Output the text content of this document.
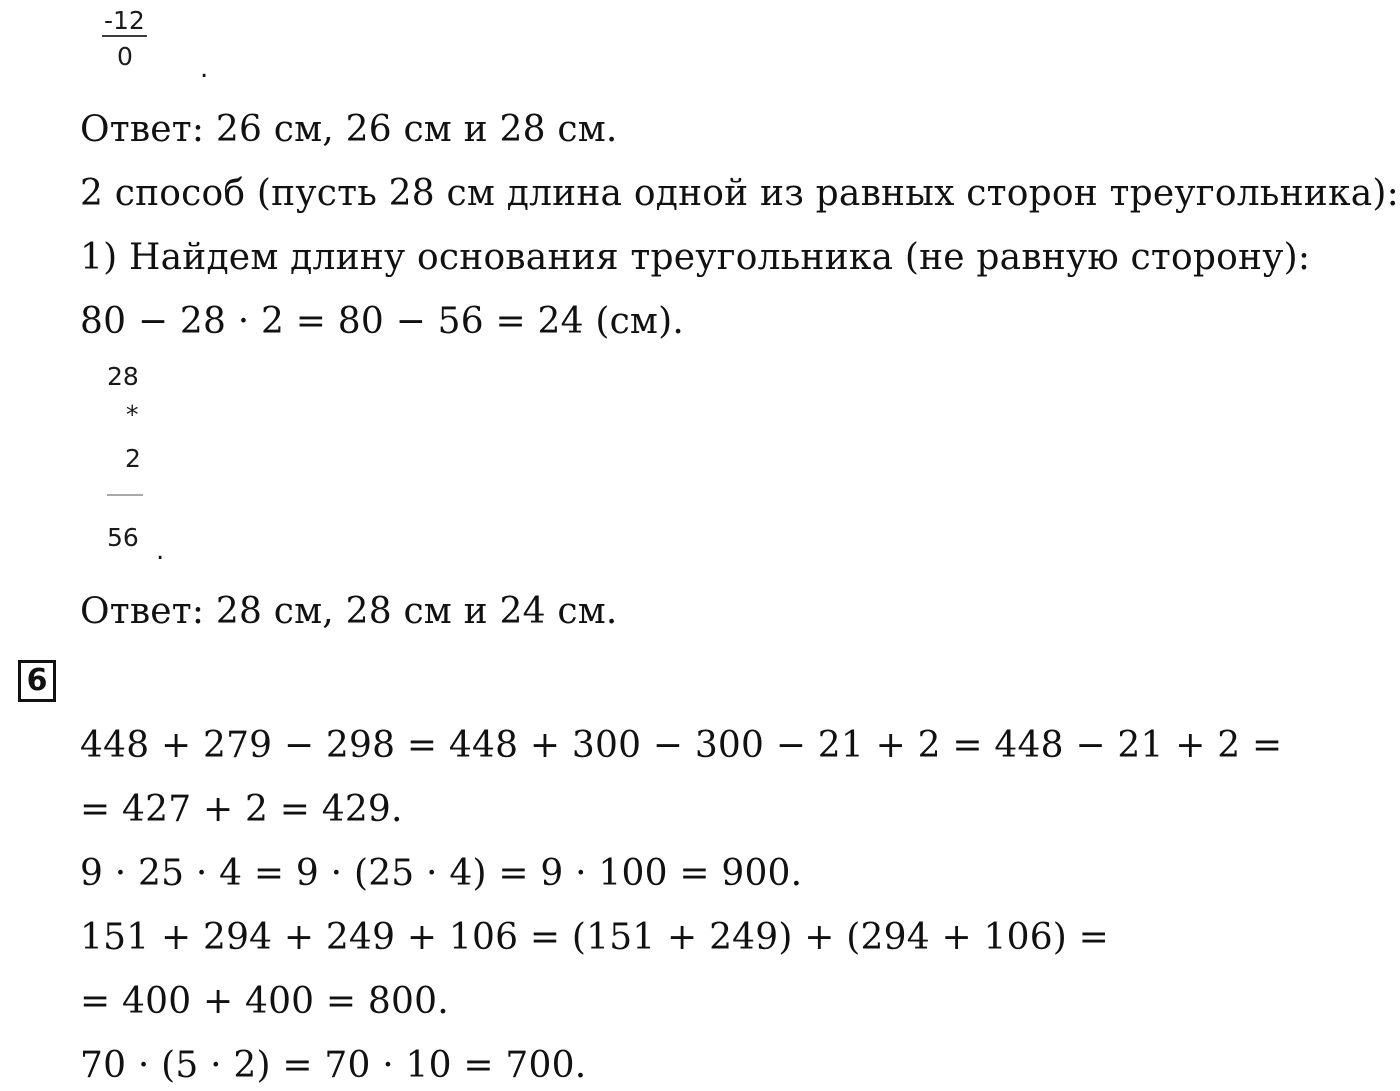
-12
0	.
Ответ: 26 см, 26 см и 28 см.
2 способ (пусть 28 см длина одной из равных сторон треугольника):
1) Найдем длину основания треугольника (не равную сторону):
80 − 28 · 2 = 80 − 56 = 24 (см).
28
*
2
56 .
Ответ: 28 см, 28 см и 24 см.
6
448 + 279 − 298 = 448 + 300 − 300 − 21 + 2 = 448 − 21 + 2 =
= 427 + 2 = 429.
9 · 25 · 4 = 9 · (25 · 4) = 9 · 100 = 900.
151 + 294 + 249 + 106 = (151 + 249) + (294 + 106) =
= 400 + 400 = 800.
70 · (5 · 2) = 70 · 10 = 700.
